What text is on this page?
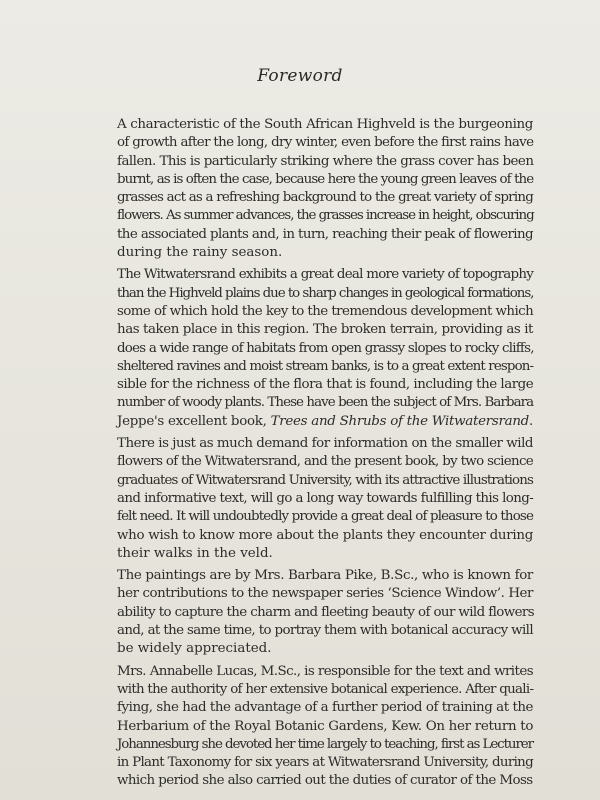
Foreword
A characteristic of the South African Highveld is the burgeoning
of growth after the long, dry winter, even before the first rains have
fallen. This is particularly striking where the grass cover has been
burnt, as is often the case, because here the young green leaves of the
grasses act as a refreshing background to the great variety of spring
flowers. As summer advances, the grasses increase in height, obscuring
the associated plants and, in turn, reaching their peak of flowering
during the rainy season.
The Witwatersrand exhibits a great deal more variety of topography
than the Highveld plains due to sharp changes in geological formations,
some of which hold the key to the tremendous development which
has taken place in this region. The broken terrain, providing as it
does a wide range of habitats from open grassy slopes to rocky cliffs,
sheltered ravines and moist stream banks, is to a great extent respon-
sible for the richness of the flora that is found, including the large
number of woody plants. These have been the subject of Mrs. Barbara
Jeppe's excellent book, Trees and Shrubs of the Witwatersrand.
There is just as much demand for information on the smaller wild
flowers of the Witwatersrand, and the present book, by two science
graduates of Witwatersrand University, with its attractive illustrations
and informative text, will go a long way towards fulfilling this long-
felt need. It will undoubtedly provide a great deal of pleasure to those
who wish to know more about the plants they encounter during
their walks in the veld.
The paintings are by Mrs. Barbara Pike, B.Sc., who is known for
her contributions to the newspaper series ‘Science Window’. Her
ability to capture the charm and fleeting beauty of our wild flowers
and, at the same time, to portray them with botanical accuracy will
be widely appreciated.
Mrs. Annabelle Lucas, M.Sc., is responsible for the text and writes
with the authority of her extensive botanical experience. After quali-
fying, she had the advantage of a further period of training at the
Herbarium of the Royal Botanic Gardens, Kew. On her return to
Johannesburg she devoted her time largely to teaching, first as Lecturer
in Plant Taxonomy for six years at Witwatersrand University, during
which period she also carried out the duties of curator of the Moss
